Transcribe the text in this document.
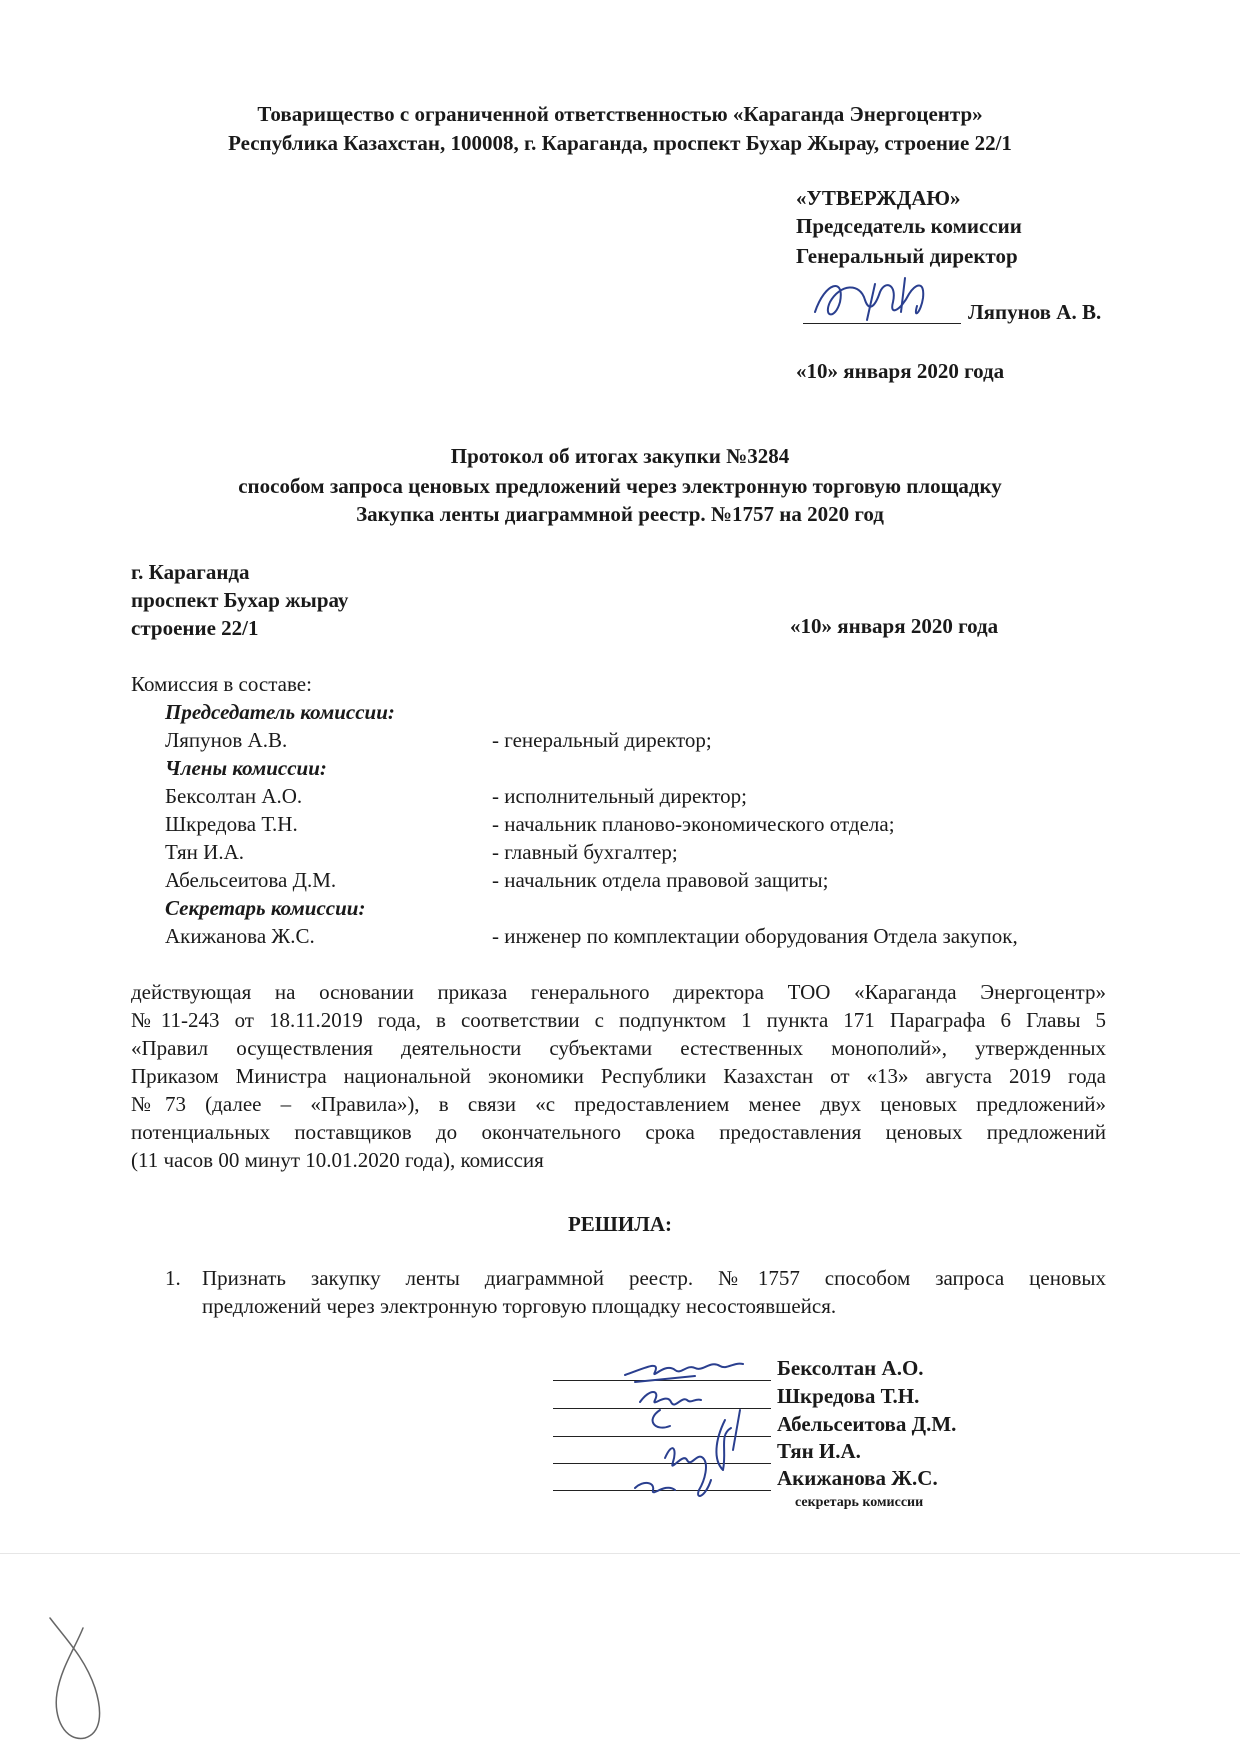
Товарищество с ограниченной ответственностью «Караганда Энергоцентр»
Республика Казахстан, 100008, г. Караганда, проспект Бухар Жырау, строение 22/1
«УТВЕРЖДАЮ»
Председатель комиссии
Генеральный директор
Ляпунов А. В.
«10» января 2020 года
Протокол об итогах закупки №3284
способом запроса ценовых предложений через электронную торговую площадку
Закупка ленты диаграммной реестр. №1757 на 2020 год
г. Караганда
проспект Бухар жырау
строение 22/1	«10» января 2020 года
Комиссия в составе:
Председатель комиссии:
Ляпунов А.В.	- генеральный директор;
Члены комиссии:
Бексолтан А.О.	- исполнительный директор;
Шкредова Т.Н.	- начальник планово-экономического отдела;
Тян И.А.	- главный бухгалтер;
Абельсеитова Д.М.	- начальник отдела правовой защиты;
Секретарь комиссии:
Акижанова Ж.С.	- инженер по комплектации оборудования Отдела закупок,
действующая на основании приказа генерального директора ТОО «Караганда Энергоцентр»
№11-243 от 18.11.2019 года, в соответствии с подпунктом 1 пункта 171 Параграфа 6 Главы 5
«Правил осуществления деятельности субъектами естественных монополий», утвержденных
Приказом Министра национальной экономики Республики Казахстан от «13» августа 2019 года
№73 (далее – «Правила»), в связи «с предоставлением менее двух ценовых предложений»
потенциальных поставщиков до окончательного срока предоставления ценовых предложений
(11 часов 00 минут 10.01.2020 года), комиссия
РЕШИЛА:
1. Признать закупку ленты диаграммной реестр. №1757 способом запроса ценовых
предложений через электронную торговую площадку несостоявшейся.
Бексолтан А.О.
Шкредова Т.Н.
Абельсеитова Д.М.
Тян И.А.
Акижанова Ж.С.
секретарь комиссии
